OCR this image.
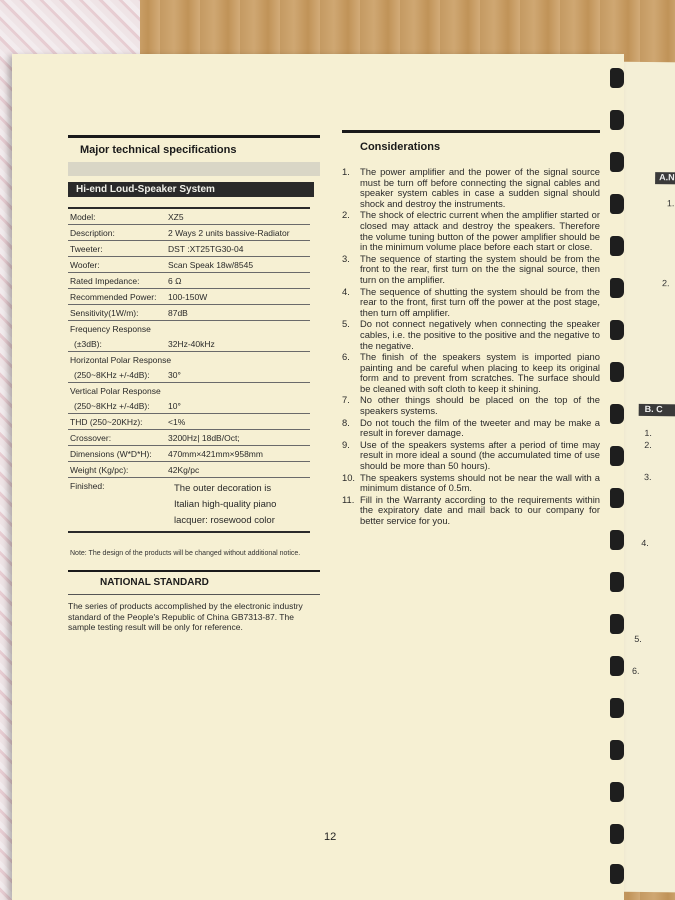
A.N
B. C
1.
2.
1.
2.
3.
4.
5.
6.
Major technical specifications
Hi-end Loud-Speaker System
Model:	XZ5
Description:	2 Ways 2 units bassive-Radiator
Tweeter:	DST :XT25TG30-04
Woofer:	Scan Speak 18w/8545
Rated Impedance:	6 Ω
Recommended Power:	100-150W
Sensitivity(1W/m):	87dB
Frequency Response	
(±3dB):	32Hz-40kHz
Horizontal Polar Response	
(250~8KHz +/-4dB):	30°
Vertical Polar Response	
(250~8KHz +/-4dB):	10°
THD (250~20KHz):	<1%
Crossover:	3200Hz| 18dB/Oct;
Dimensions (W*D*H):	470mm×421mm×958mm
Weight (Kg/pc):	42Kg/pc
Finished:	The outer decoration is
Italian high-quality piano
lacquer: rosewood color
Note: The design of the products will be changed without additional notice.
NATIONAL STANDARD
The series of products accomplished by the electronic industry standard of the People's Republic of China GB7313-87. The sample testing result will be only for reference.
Considerations
1. The power amplifier and the power of the signal source must be turn off before connecting the signal cables and speaker system cables in case a sudden signal should shock and destroy the instruments.
2. The shock of electric current when the amplifier started or closed may attack and destroy the speakers. Therefore the volume tuning button of the power amplifier should be in the minimum volume place before each start or close.
3. The sequence of starting the system should be from the front to the rear, first turn on the the signal source, then turn on the amplifier.
4. The sequence of shutting the system should be from the rear to the front, first turn off the power at the post stage, then turn off amplifier.
5. Do not connect negatively when connecting the speaker cables, i.e. the positive to the positive and the negative to the negative.
6. The finish of the speakers system is imported piano painting and be careful when placing to keep its original form and to prevent from scratches. The surface should be cleaned with soft cloth to keep it shining.
7. No other things should be placed on the top of the speakers systems.
8. Do not touch the film of the tweeter and may be make a result in forever damage.
9. Use of the speakers systems after a period of time may result in more ideal a sound (the accumulated time of use should be more than 50 hours).
10. The speakers systems should not be near the wall with a minimum distance of 0.5m.
11. Fill in the Warranty according to the requirements within the expiratory date and mail back to our company for better service for you.
12
